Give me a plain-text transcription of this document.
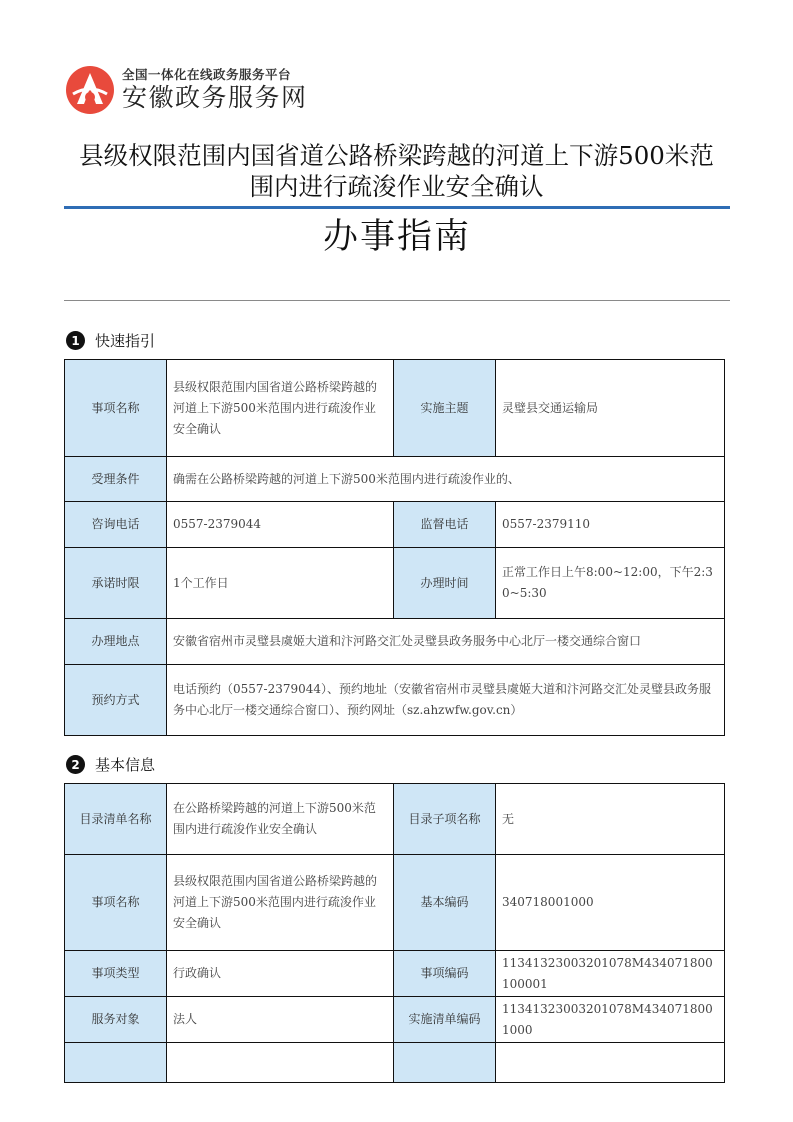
全国一体化在线政务服务平台
安徽政务服务网
县级权限范围内国省道公路桥梁跨越的河道上下游500米范
围内进行疏浚作业安全确认
办事指南
1	快速指引
事项名称	县级权限范围内国省道公路桥梁跨越的河道上下游500米范围内进行疏浚作业安全确认	实施主题	灵璧县交通运输局
受理条件	确需在公路桥梁跨越的河道上下游500米范围内进行疏浚作业的、		
咨询电话	0557-2379044	监督电话	0557-2379110
承诺时限	1个工作日	办理时间	正常工作日上午8:00~12:00，下午2:30~5:30
办理地点	安徽省宿州市灵璧县虞姬大道和汴河路交汇处灵璧县政务服务中心北厅一楼交通综合窗口		
预约方式	电话预约（0557-2379044）、预约地址（安徽省宿州市灵璧县虞姬大道和汴河路交汇处灵璧县政务服务中心北厅一楼交通综合窗口）、预约网址（sz.ahzwfw.gov.cn）		
2	基本信息
目录清单名称	在公路桥梁跨越的河道上下游500米范围内进行疏浚作业安全确认	目录子项名称	无
事项名称	县级权限范围内国省道公路桥梁跨越的河道上下游500米范围内进行疏浚作业安全确认	基本编码	340718001000
事项类型	行政确认	事项编码	11341323003201078M434071800100001
服务对象	法人	实施清单编码	11341323003201078M4340718001000
